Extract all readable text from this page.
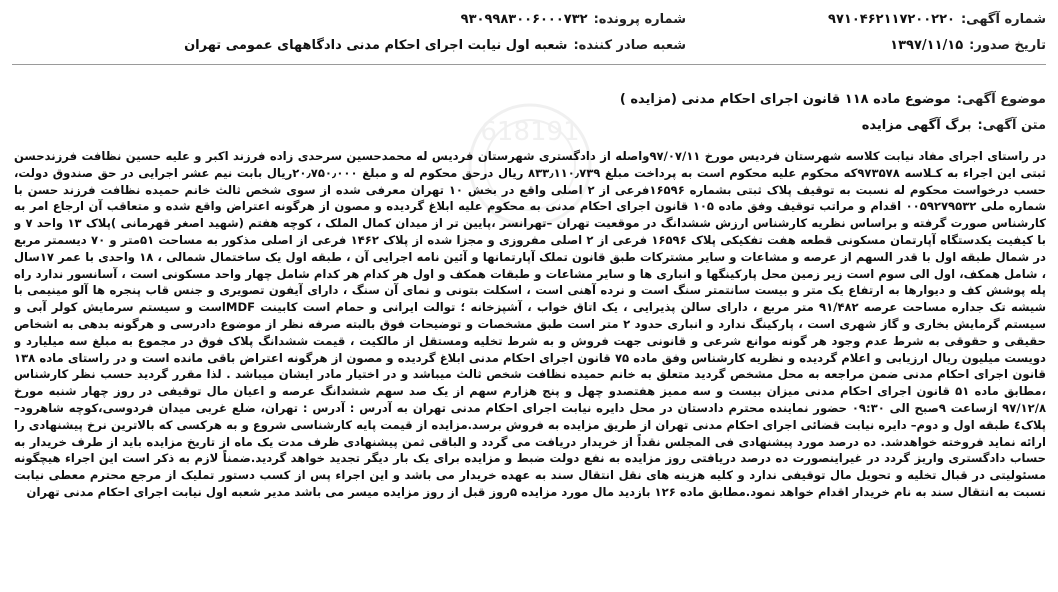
618191
شماره آگهی:
۹۷۱۰۴۶۲۱۱۷۲۰۰۲۲۰
شماره پرونده:
۹۳۰۹۹۸۳۰۰۶۰۰۰۷۳۲
تاریخ صدور:
۱۳۹۷/۱۱/۱۵
شعبه صادر کننده:
شعبه اول نیابت اجرای احکام مدنی دادگاههای عمومی تهران
موضوع آگهی:
موضوع ماده ۱۱۸ قانون اجرای احکام مدنی (مزایده )
متن آگهی:
برگ آگهی مزایده
در راستای اجرای مفاد نیابت کلاسه شهرستان فردیس مورخ ۹۷/۰۷/۱۱واصله از دادگستری شهرستان فردیس له محمدحسین سرحدی زاده فرزند اکبر و علیه حسین نظافت فرزندحسن ثبتی این اجراء به کـلاسه ۹۷۳۵۷۸که محکوم علیه محکوم است به پرداخت مبلغ ۸۳۳٫۱۱۰٫۷۳۹ ریال درحق محکوم له و مبلغ ۲۰٫۷۵۰٫۰۰۰ریال بابت نیم عشر اجرایی در حق صندوق دولت، حسب درخواست محکوم له نسبت به توقیف پلاک ثبتی بشماره ۱۶۵۹۶فرعی از ۲ اصلی واقع در بخش ۱۰ تهران معرفی شده از سوی شخص ثالث خانم حمیده نظافت فرزند حسن با شماره ملی ۰۰۵۹۲۷۹۵۳۲ اقدام و مراتب توقیف وفق ماده ۱۰۵ قانون اجرای احکام مدنی به محکوم علیه ابلاغ گردیده و مصون از هرگونه اعتراض واقع شده و متعاقب آن ارجاع امر به کارشناس صورت گرفته و براساس نظریه کارشناس ارزش ششدانگ در موقعیت تهران –تهرانسر ،پایین تر از میدان کمال الملک ، کوچه هفتم (شهید اصغر قهرمانی )پلاک ۱۳ واحد ۷ و با کیفیت یکدستگاه آپارتمان مسکونی قطعه هفت تفکیکی پلاک ۱۶۵۹۶ فرعی از ۲ اصلی مفروزی و مجزا شده از پلاک ۱۴۶۲ فرعی از اصلی مذکور به مساحت ۵۱متر و ۷۰ دیسمتر مربع در شمال طبقه اول با قدر السهم از عرصه و مشاعات و سایر مشترکات طبق قانون تملک آپارتمانها و آئین نامه اجرایی آن ، طبقه اول یک ساختمال شمالی ، ۱۸ واحدی با عمر ۱۷سال ، شامل همکف، اول الی سوم است زیر زمین محل پارکینگها و انباری ها و سایر مشاعات و طبقات همکف و اول هر کدام هر کدام شامل چهار واحد مسکونی است ، آسانسور ندارد راه پله پوشش کف و دیوارها به ارتفاع یک متر و بیست سانتمتر سنگ است و نرده آهنی است ، اسکلت بتونی و نمای آن سنگ ، دارای آیفون تصویری و جنس قاب پنجره ها آلو مینیمی با شیشه تک جداره مساحت عرصه ۹۱/۴۸۲ متر مربع ، دارای سالن پذیرایی ، یک اتاق خواب ، آشپزخانه ؛ توالت ایرانی و حمام است کابینت MDFاست و سیستم سرمایش کولر آبی و سیستم گرمایش بخاری و گاز شهری است ، پارکینگ ندارد و انباری حدود ۲ متر است طبق مشخصات و توضیحات فوق بالبته صرفه نظر از موضوع دادرسی و هرگونه بدهی به اشخاص حقیقی و حقوقی به شرط عدم وجود هر گونه موانع شرعی و قانونی جهت فروش و به شرط تخلیه ومستقل از مالکیت ، قیمت ششدانگ پلاک فوق در مجموع به مبلغ سه میلیارد و دویست میلیون ریال ارزیابی و اعلام گردیده و نظریه کارشناس وفق ماده ۷۵ قانون اجرای احکام مدنی ابلاغ گردیده و مصون از هرگونه اعتراض باقی مانده است و در راستای ماده ۱۳۸ قانون اجرای احکام مدنی ضمن مراجعه به محل مشخص گردید متعلق به خانم حمیده نظافت شخص ثالث میباشد و در اختیار مادر ایشان میباشد . لذا مقرر گردید حسب نظر کارشناس ،مطابق ماده ۵۱ قانون اجرای احکام مدنی میزان بیست و سه ممیز هفتصدو چهل و پنج هزارم سهم از یک صد سهم ششدانگ عرصه و اعیان مال توقیفی در روز چهار شنبه مورخ ۹۷/۱۲/۸ ازساعت ۹صبح الی ۰۹:۳۰ حضور نماینده محترم دادستان در محل دایره نیابت اجرای احکام مدنی تهران به آدرس : آدرس : تهران، ضلع غربی میدان فردوسی،کوچه شاهرود–پلاک٤ طبقه اول و دوم– دایره نیابت قضائی اجرای احکام مدنی تهران از طریق مزایده به فروش برسد.مزایده از قیمت پایه کارشناسی شروع و به هرکسی که بالاترین نرخ پیشنهادی را ارائه نماید فروخته خواهدشد. ده درصد مورد پیشنهادی فی المجلس نقداً از خریدار دریافت می گردد و الباقی ثمن پیشنهادی ظرف مدت یک ماه از تاریخ مزایده باید از طرف خریدار به حساب دادگستری واریز گردد در غیراینصورت ده درصد دریافتی روز مزایده به نفع دولت ضبط و مزایده برای یک بار دیگر تجدید خواهد گردید.ضمناً لازم به ذکر است این اجراء هیچگونه مسئولیتی در قبال تخلیه و تحویل مال توقیفی ندارد و کلیه هزینه های نقل انتقال سند به عهده خریدار می باشد و این اجراء پس از کسب دستور تملیک از مرجع محترم معطی نیابت نسبت به انتقال سند به نام خریدار اقدام خواهد نمود.مطابق ماده ۱۲۶ بازدید مال مورد مزایده ۵روز قبل از روز مزایده میسر می باشد مدیر شعبه اول نیابت اجرای احکام مدنی تهران
